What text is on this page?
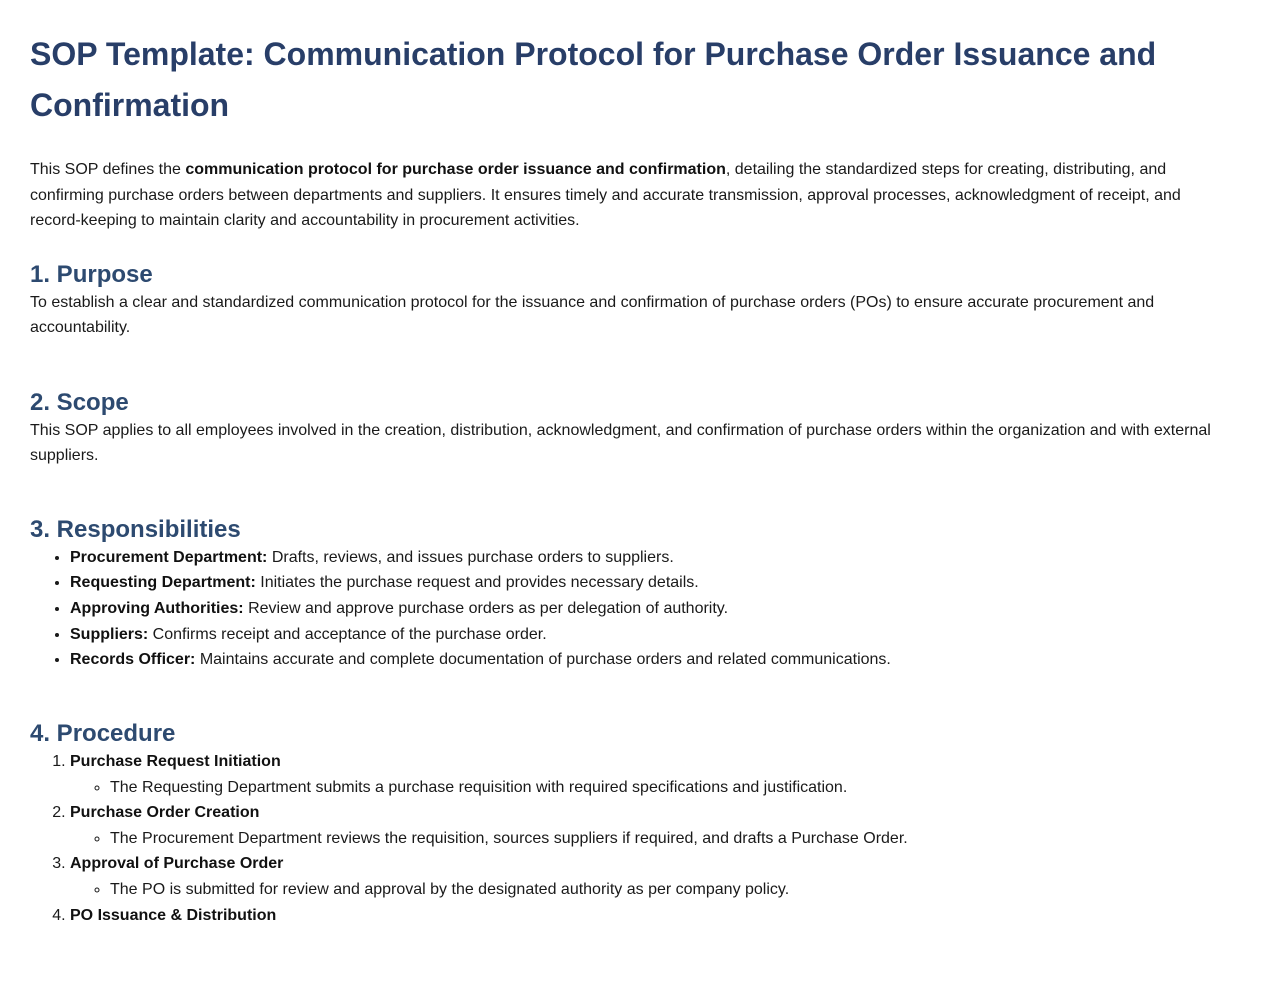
SOP Template: Communication Protocol for Purchase Order Issuance and Confirmation

This SOP defines the communication protocol for purchase order issuance and confirmation, detailing the standardized steps for creating, distributing, and confirming purchase orders between departments and suppliers. It ensures timely and accurate transmission, approval processes, acknowledgment of receipt, and record-keeping to maintain clarity and accountability in procurement activities.

1. Purpose

To establish a clear and standardized communication protocol for the issuance and confirmation of purchase orders (POs) to ensure accurate procurement and accountability.

2. Scope

This SOP applies to all employees involved in the creation, distribution, acknowledgment, and confirmation of purchase orders within the organization and with external suppliers.

3. Responsibilities
• Procurement Department: Drafts, reviews, and issues purchase orders to suppliers.
• Requesting Department: Initiates the purchase request and provides necessary details.
• Approving Authorities: Review and approve purchase orders as per delegation of authority.
• Suppliers: Confirms receipt and acceptance of the purchase order.
• Records Officer: Maintains accurate and complete documentation of purchase orders and related communications.
4. Procedure
1. Purchase Request Initiation
◦ The Requesting Department submits a purchase requisition with required specifications and justification.
2. Purchase Order Creation
◦ The Procurement Department reviews the requisition, sources suppliers if required, and drafts a Purchase Order.
3. Approval of Purchase Order
◦ The PO is submitted for review and approval by the designated authority as per company policy.
4. PO Issuance & Distribution
